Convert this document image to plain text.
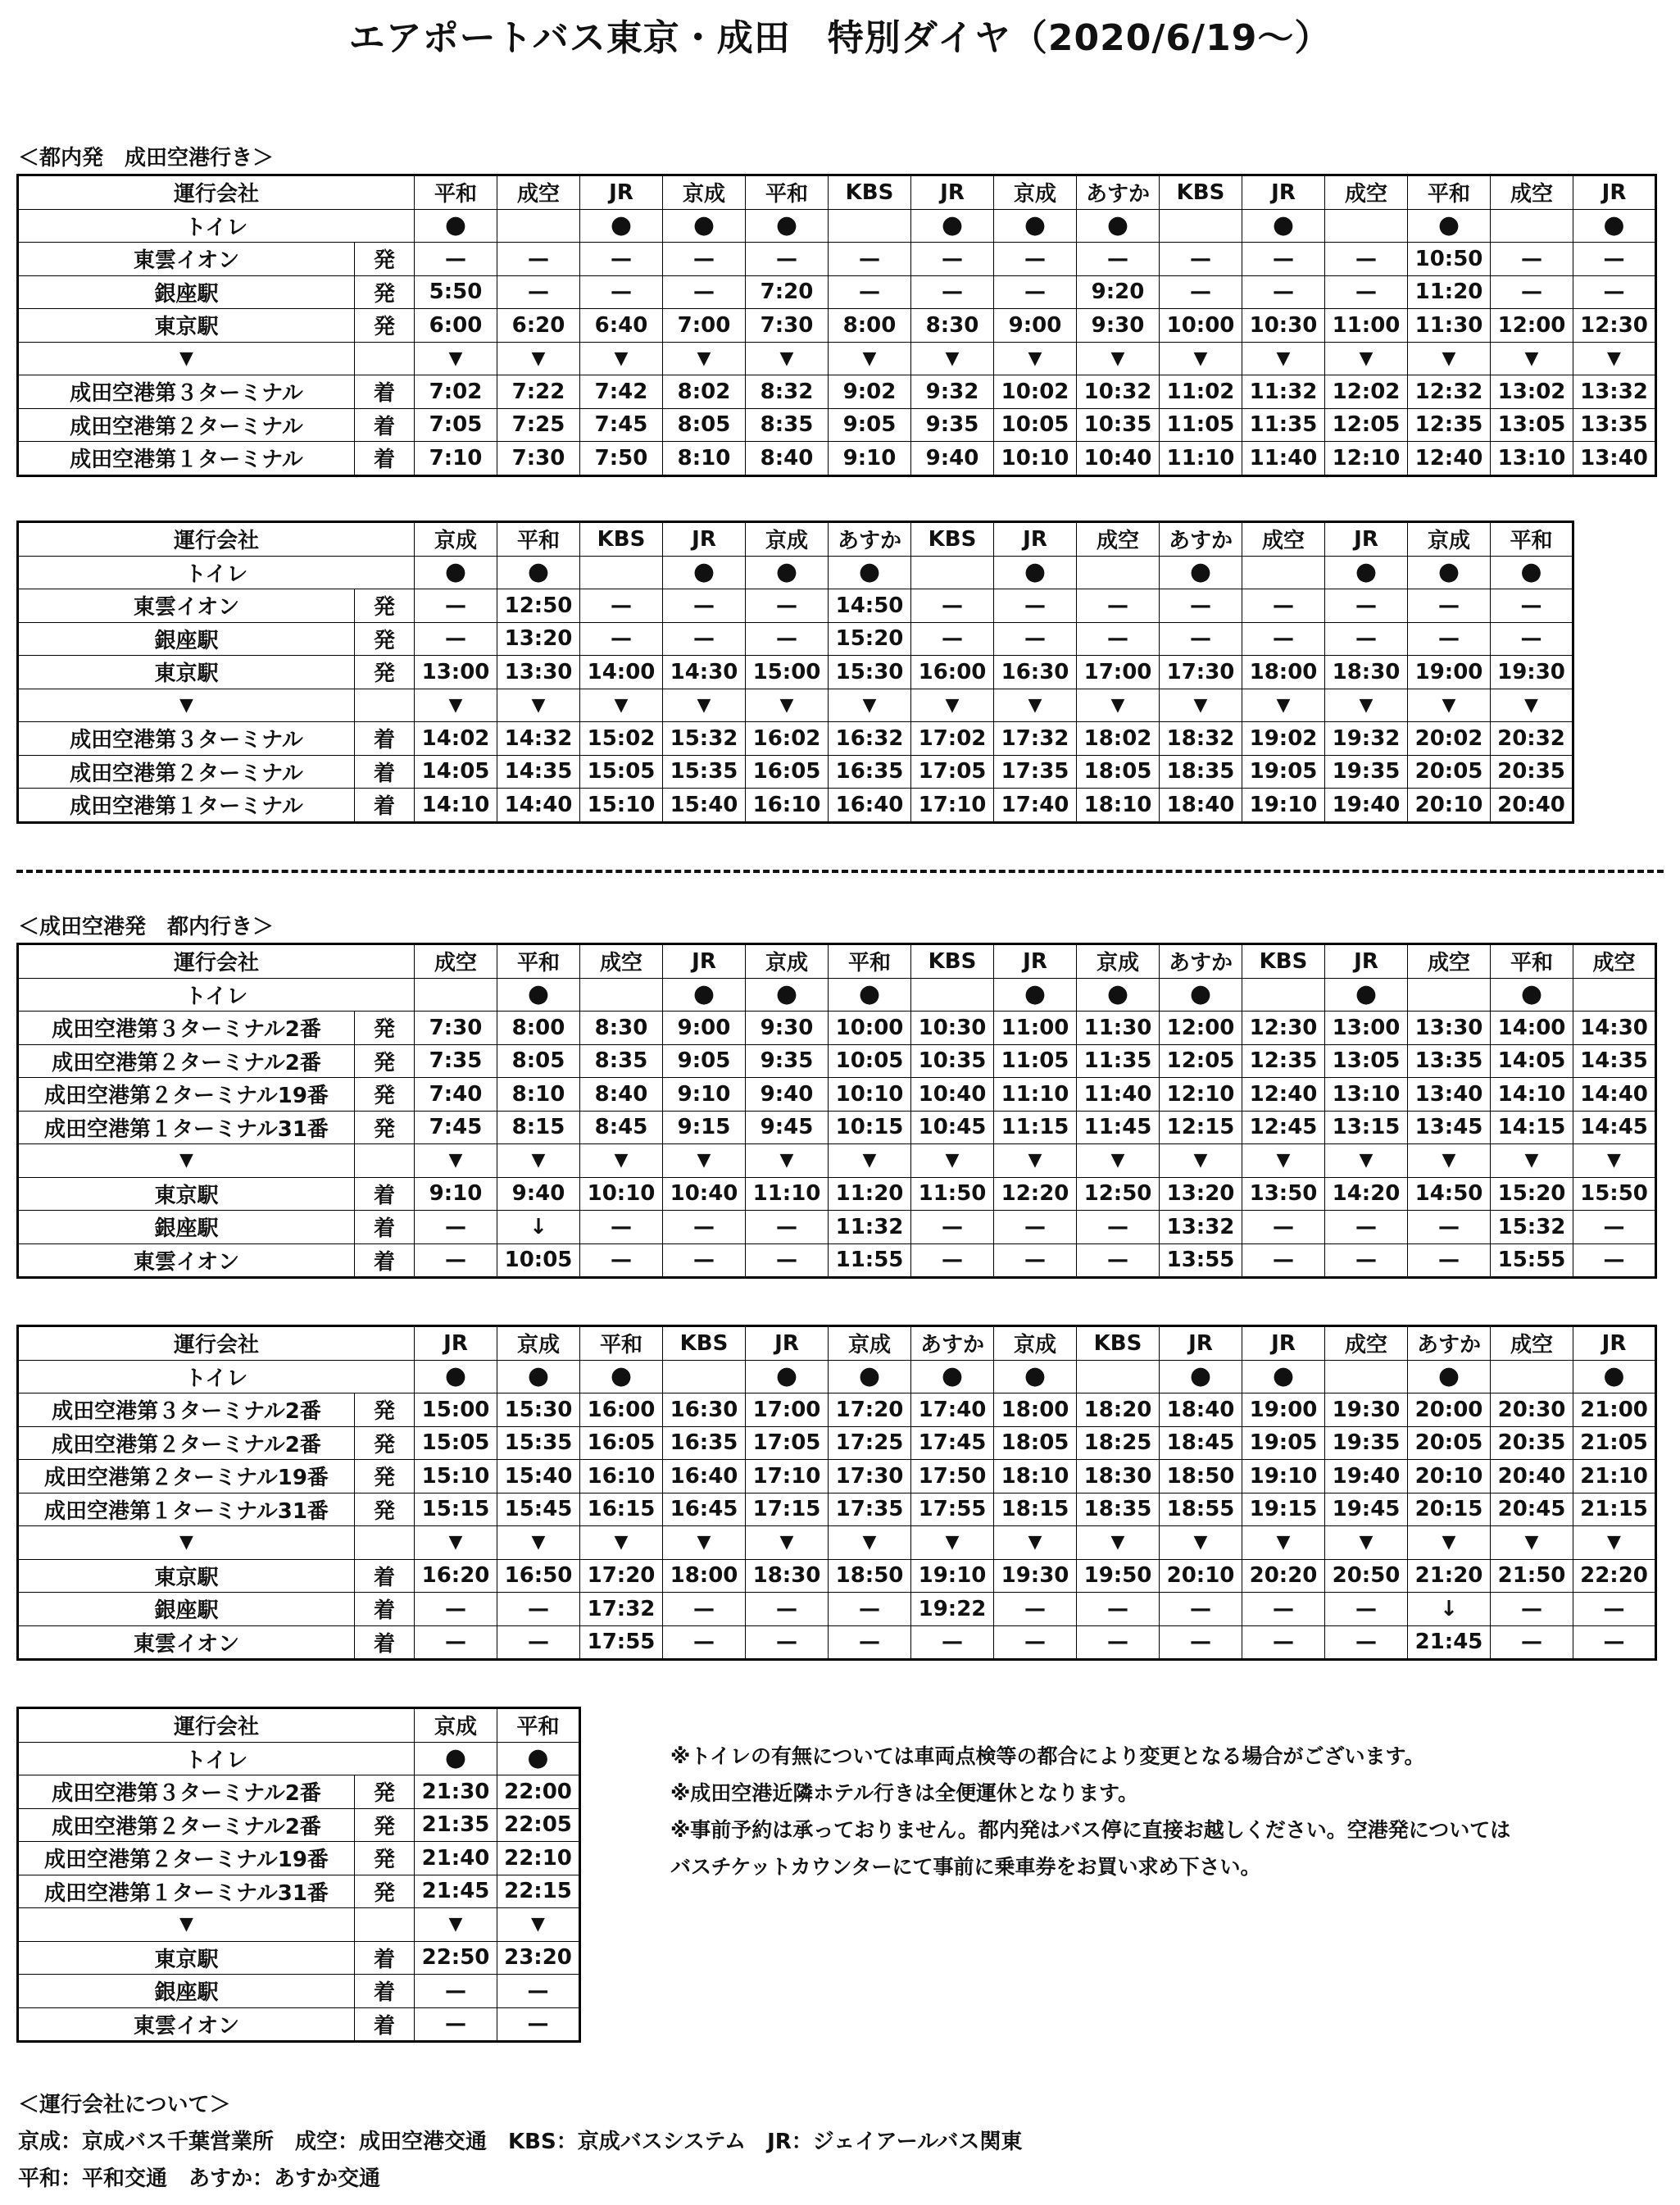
エアポートバス東京・成田　特別ダイヤ（2020/6/19〜）
＜都内発　成田空港行き＞
運行会社		平和	成空	JR	京成	平和	KBS	JR	京成	あすか	KBS	JR	成空	平和	成空	JR
トイレ		●		●	●	●		●	●	●		●		●		●
東雲イオン	発	—	—	—	—	—	—	—	—	—	—	—	—	10:50	—	—
銀座駅	発	5:50	—	—	—	7:20	—	—	—	9:20	—	—	—	11:20	—	—
東京駅	発	6:00	6:20	6:40	7:00	7:30	8:00	8:30	9:00	9:30	10:00	10:30	11:00	11:30	12:00	12:30
▼		▼	▼	▼	▼	▼	▼	▼	▼	▼	▼	▼	▼	▼	▼	▼
成田空港第３ターミナル	着	7:02	7:22	7:42	8:02	8:32	9:02	9:32	10:02	10:32	11:02	11:32	12:02	12:32	13:02	13:32
成田空港第２ターミナル	着	7:05	7:25	7:45	8:05	8:35	9:05	9:35	10:05	10:35	11:05	11:35	12:05	12:35	13:05	13:35
成田空港第１ターミナル	着	7:10	7:30	7:50	8:10	8:40	9:10	9:40	10:10	10:40	11:10	11:40	12:10	12:40	13:10	13:40
運行会社		京成	平和	KBS	JR	京成	あすか	KBS	JR	成空	あすか	成空	JR	京成	平和
トイレ		●	●		●	●	●		●		●		●	●	●
東雲イオン	発	—	12:50	—	—	—	14:50	—	—	—	—	—	—	—	—
銀座駅	発	—	13:20	—	—	—	15:20	—	—	—	—	—	—	—	—
東京駅	発	13:00	13:30	14:00	14:30	15:00	15:30	16:00	16:30	17:00	17:30	18:00	18:30	19:00	19:30
▼		▼	▼	▼	▼	▼	▼	▼	▼	▼	▼	▼	▼	▼	▼
成田空港第３ターミナル	着	14:02	14:32	15:02	15:32	16:02	16:32	17:02	17:32	18:02	18:32	19:02	19:32	20:02	20:32
成田空港第２ターミナル	着	14:05	14:35	15:05	15:35	16:05	16:35	17:05	17:35	18:05	18:35	19:05	19:35	20:05	20:35
成田空港第１ターミナル	着	14:10	14:40	15:10	15:40	16:10	16:40	17:10	17:40	18:10	18:40	19:10	19:40	20:10	20:40
＜成田空港発　都内行き＞
運行会社		成空	平和	成空	JR	京成	平和	KBS	JR	京成	あすか	KBS	JR	成空	平和	成空
トイレ			●		●	●	●		●	●	●		●		●	
成田空港第３ターミナル2番	発	7:30	8:00	8:30	9:00	9:30	10:00	10:30	11:00	11:30	12:00	12:30	13:00	13:30	14:00	14:30
成田空港第２ターミナル2番	発	7:35	8:05	8:35	9:05	9:35	10:05	10:35	11:05	11:35	12:05	12:35	13:05	13:35	14:05	14:35
成田空港第２ターミナル19番	発	7:40	8:10	8:40	9:10	9:40	10:10	10:40	11:10	11:40	12:10	12:40	13:10	13:40	14:10	14:40
成田空港第１ターミナル31番	発	7:45	8:15	8:45	9:15	9:45	10:15	10:45	11:15	11:45	12:15	12:45	13:15	13:45	14:15	14:45
▼		▼	▼	▼	▼	▼	▼	▼	▼	▼	▼	▼	▼	▼	▼	▼
東京駅	着	9:10	9:40	10:10	10:40	11:10	11:20	11:50	12:20	12:50	13:20	13:50	14:20	14:50	15:20	15:50
銀座駅	着	—	↓	—	—	—	11:32	—	—	—	13:32	—	—	—	15:32	—
東雲イオン	着	—	10:05	—	—	—	11:55	—	—	—	13:55	—	—	—	15:55	—
運行会社		JR	京成	平和	KBS	JR	京成	あすか	京成	KBS	JR	JR	成空	あすか	成空	JR
トイレ		●	●	●		●	●	●	●		●	●		●		●
成田空港第３ターミナル2番	発	15:00	15:30	16:00	16:30	17:00	17:20	17:40	18:00	18:20	18:40	19:00	19:30	20:00	20:30	21:00
成田空港第２ターミナル2番	発	15:05	15:35	16:05	16:35	17:05	17:25	17:45	18:05	18:25	18:45	19:05	19:35	20:05	20:35	21:05
成田空港第２ターミナル19番	発	15:10	15:40	16:10	16:40	17:10	17:30	17:50	18:10	18:30	18:50	19:10	19:40	20:10	20:40	21:10
成田空港第１ターミナル31番	発	15:15	15:45	16:15	16:45	17:15	17:35	17:55	18:15	18:35	18:55	19:15	19:45	20:15	20:45	21:15
▼		▼	▼	▼	▼	▼	▼	▼	▼	▼	▼	▼	▼	▼	▼	▼
東京駅	着	16:20	16:50	17:20	18:00	18:30	18:50	19:10	19:30	19:50	20:10	20:20	20:50	21:20	21:50	22:20
銀座駅	着	—	—	17:32	—	—	—	19:22	—	—	—	—	—	↓	—	—
東雲イオン	着	—	—	17:55	—	—	—	—	—	—	—	—	—	21:45	—	—
運行会社		京成	平和
トイレ		●	●
成田空港第３ターミナル2番	発	21:30	22:00
成田空港第２ターミナル2番	発	21:35	22:05
成田空港第２ターミナル19番	発	21:40	22:10
成田空港第１ターミナル31番	発	21:45	22:15
▼		▼	▼
東京駅	着	22:50	23:20
銀座駅	着	—	—
東雲イオン	着	—	—
※トイレの有無については車両点検等の都合により変更となる場合がございます。
※成田空港近隣ホテル行きは全便運休となります。
※事前予約は承っておりません。都内発はバス停に直接お越しください。空港発については
バスチケットカウンターにて事前に乗車券をお買い求め下さい。
＜運行会社について＞
京成：京成バス千葉営業所　成空：成田空港交通　KBS：京成バスシステム　JR：ジェイアールバス関東
平和：平和交通　あすか：あすか交通
